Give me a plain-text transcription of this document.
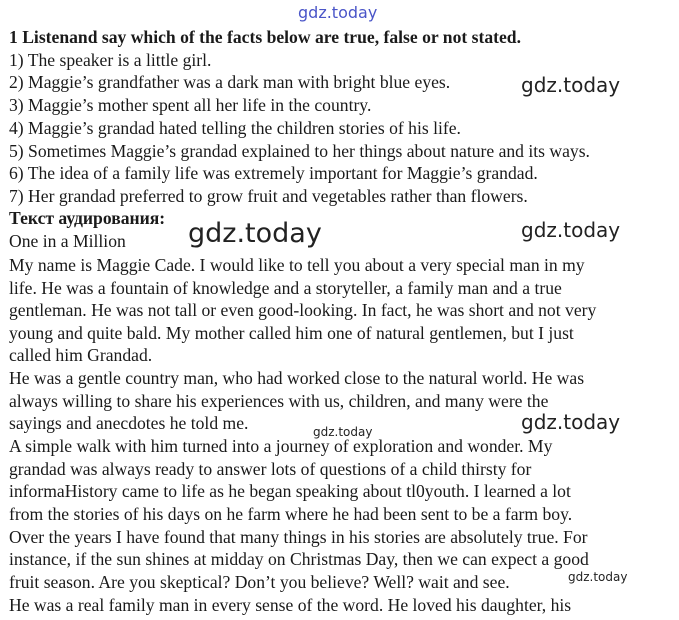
1 Listenand say which of the facts below are true, false or not stated.
1) The speaker is a little girl.
2) Maggie’s grandfather was a dark man with bright blue eyes.
3) Maggie’s mother spent all her life in the country.
4) Maggie’s grandad hated telling the children stories of his life.
5) Sometimes Maggie’s grandad explained to her things about nature and its ways.
6) The idea of a family life was extremely important for Maggie’s grandad.
7) Her grandad preferred to grow fruit and vegetables rather than flowers.
Текст аудирования:
One in a Million
My name is Maggie Cade. I would like to tell you about a very special man in my
life. He was a fountain of knowledge and a storyteller, a family man and a true
gentleman. He was not tall or even good-looking. In fact, he was short and not very
young and quite bald. My mother called him one of natural gentlemen, but I just
called him Grandad.
He was a gentle country man, who had worked close to the natural world. He was
always willing to share his experiences with us, children, and many were the
sayings and anecdotes he told me.
A simple walk with him turned into a journey of exploration and wonder. My
grandad was always ready to answer lots of questions of a child thirsty for
informaHistory came to life as he began speaking about tl0youth. I learned a lot
from the stories of his days on he farm where he had been sent to be a farm boy.
Over the years I have found that many things in his stories are absolutely true. For
instance, if the sun shines at midday on Christmas Day, then we can expect a good
fruit season. Are you skeptical? Don’t you believe? Well? wait and see.
He was a real family man in every sense of the word. He loved his daughter, his
gdz.today
gdz.today
gdz.today	gdz.today
gdz.today	gdz.today
gdz.today
